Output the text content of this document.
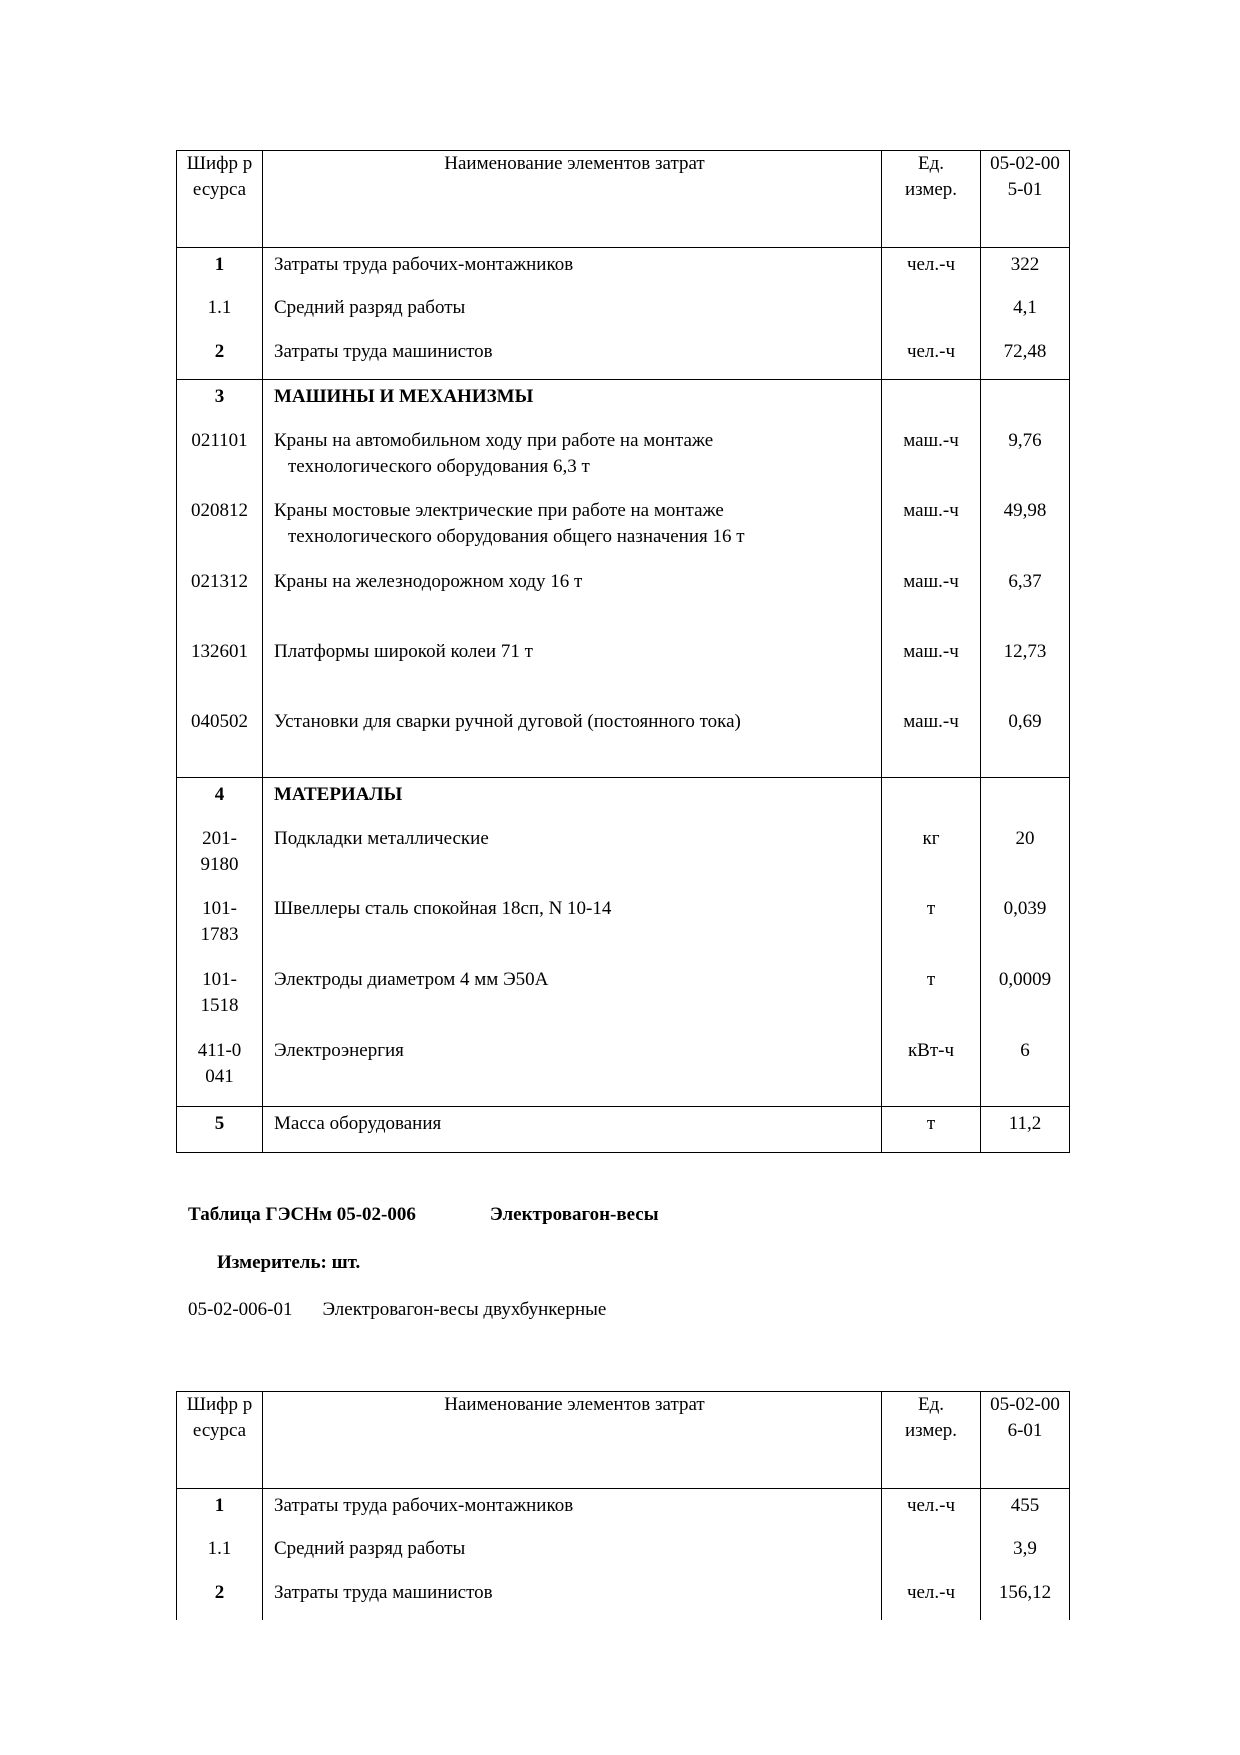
Шифр ресурса	Наименование элементов затрат	Ед. измер.	05-02-005-01
1	Затраты труда рабочих-монтажников	чел.-ч	322

1.1	Средний разряд работы		4,1

2	Затраты труда машинистов	чел.-ч	72,48

3	МАШИНЫ И МЕХАНИЗМЫ		

021101	Краны на автомобильном ходу при работе на монтаже
технологического оборудования 6,3 т	маш.-ч	9,76

020812	Краны мостовые электрические при работе на монтаже
технологического оборудования общего назначения 16 т	маш.-ч	49,98

021312	Краны на железнодорожном ходу 16 т	маш.-ч	6,37

132601	Платформы широкой колеи 71 т	маш.-ч	12,73

040502	Установки для сварки ручной дуговой (постоянного тока)	маш.-ч	0,69

4	МАТЕРИАЛЫ		

201-9180	Подкладки металлические	кг	20

101-1783	Швеллеры сталь спокойная 18сп, N 10-14	т	0,039

101-1518	Электроды диаметром 4 мм Э50А	т	0,0009

411-0041	Электроэнергия	кВт-ч	6

5	Масса оборудования	т	11,2
Таблица ГЭСНм 05-02-006	Электровагон-весы
Измеритель: шт.
05-02-006-01 Электровагон-весы двухбункерные
Шифр ресурса	Наименование элементов затрат	Ед. измер.	05-02-006-01
1	Затраты труда рабочих-монтажников	чел.-ч	455

1.1	Средний разряд работы		3,9

2	Затраты труда машинистов	чел.-ч	156,12
